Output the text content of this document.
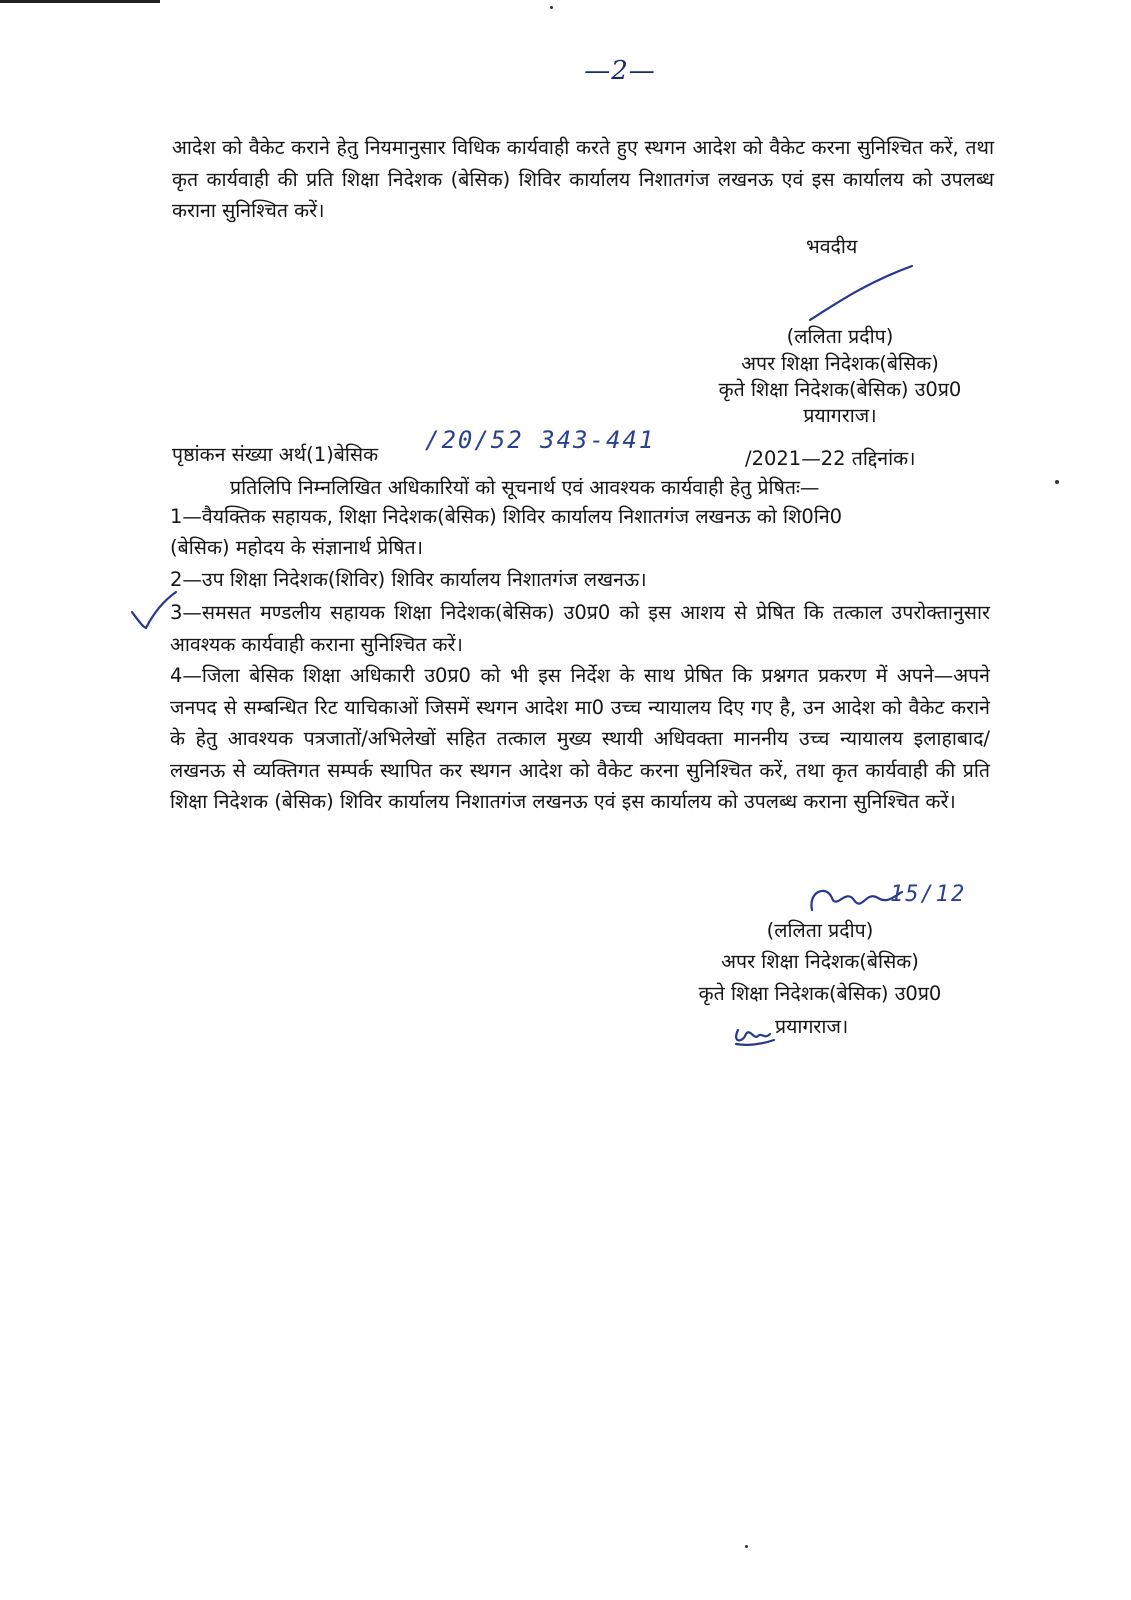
—2—

आदेश को वैकेट कराने हेतु नियमानुसार विधिक कार्यवाही करते हुए स्थगन आदेश को वैकेट करना सुनिश्चित करें, तथा कृत कार्यवाही की प्रति शिक्षा निदेशक (बेसिक) शिविर कार्यालय निशातगंज लखनऊ एवं इस कार्यालय को उपलब्ध कराना सुनिश्चित करें।

भवदीय
(ललिता प्रदीप)
अपर शिक्षा निदेशक(बेसिक)
कृते शिक्षा निदेशक(बेसिक) उ0प्र0
प्रयागराज।
पृष्ठांकन संख्या अर्थ(1)बेसिक
/20/52 343-441
/2021—22 तद्दिनांक।
प्रतिलिपि निम्नलिखित अधिकारियों को सूचनार्थ एवं आवश्यक कार्यवाही हेतु प्रेषितः—
1—वैयक्तिक सहायक, शिक्षा निदेशक(बेसिक) शिविर कार्यालय निशातगंज लखनऊ को शि0नि0
(बेसिक) महोदय के संज्ञानार्थ प्रेषित।
2—उप शिक्षा निदेशक(शिविर) शिविर कार्यालय निशातगंज लखनऊ।

3—समसत मण्डलीय सहायक शिक्षा निदेशक(बेसिक) उ0प्र0 को इस आशय से प्रेषित कि तत्काल उपरोक्तानुसार आवश्यक कार्यवाही कराना सुनिश्चित करें।

4—जिला बेसिक शिक्षा अधिकारी उ0प्र0 को भी इस निर्देश के साथ प्रेषित कि प्रश्नगत प्रकरण में अपने—अपने जनपद से सम्बन्धित रिट याचिकाओं जिसमें स्थगन आदेश मा0 उच्च न्यायालय दिए गए है, उन आदेश को वैकेट कराने के हेतु आवश्यक पत्रजातों/अभिलेखों सहित तत्काल मुख्य स्थायी अधिवक्ता माननीय उच्च न्यायालय इलाहाबाद/लखनऊ से व्यक्तिगत सम्पर्क स्थापित कर स्थगन आदेश को वैकेट करना सुनिश्चित करें, तथा कृत कार्यवाही की प्रति शिक्षा निदेशक (बेसिक) शिविर कार्यालय निशातगंज लखनऊ एवं इस कार्यालय को उपलब्ध कराना सुनिश्चित करें।

15/12
(ललिता प्रदीप)
अपर शिक्षा निदेशक(बेसिक)
कृते शिक्षा निदेशक(बेसिक) उ0प्र0
प्रयागराज।
